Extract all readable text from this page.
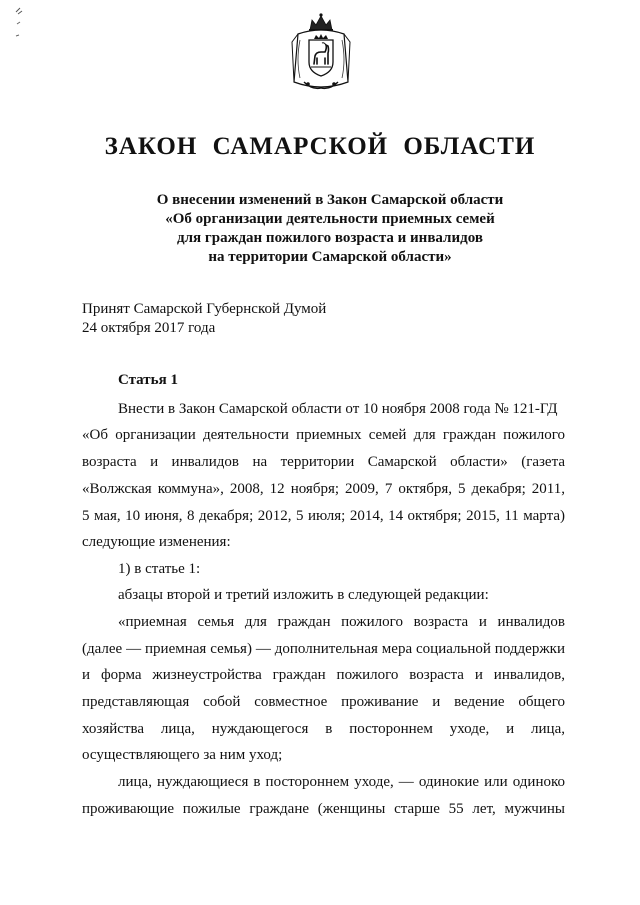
ЗАКОН САМАРСКОЙ ОБЛАСТИ
О внесении изменений в Закон Самарской области
«Об организации деятельности приемных семей
для граждан пожилого возраста и инвалидов
на территории Самарской области»
Принят Самарской Губернской Думой
24 октября 2017 года
Статья 1
Внести в Закон Самарской области от 10 ноября 2008 года № 121-ГД
«Об организации деятельности приемных семей для граждан пожилого
возраста и инвалидов на территории Самарской области» (газета
«Волжская коммуна», 2008, 12 ноября; 2009, 7 октября, 5 декабря; 2011,
5 мая, 10 июня, 8 декабря; 2012, 5 июля; 2014, 14 октября; 2015, 11 марта)
следующие изменения:
1) в статье 1:
абзацы второй и третий изложить в следующей редакции:
«приемная семья для граждан пожилого возраста и инвалидов
(далее — приемная семья) — дополнительная мера социальной поддержки
и форма жизнеустройства граждан пожилого возраста и инвалидов,
представляющая собой совместное проживание и ведение общего
хозяйства лица, нуждающегося в постороннем уходе, и лица,
осуществляющего за ним уход;
лица, нуждающиеся в постороннем уходе, — одинокие или одиноко
проживающие пожилые граждане (женщины старше 55 лет, мужчины
